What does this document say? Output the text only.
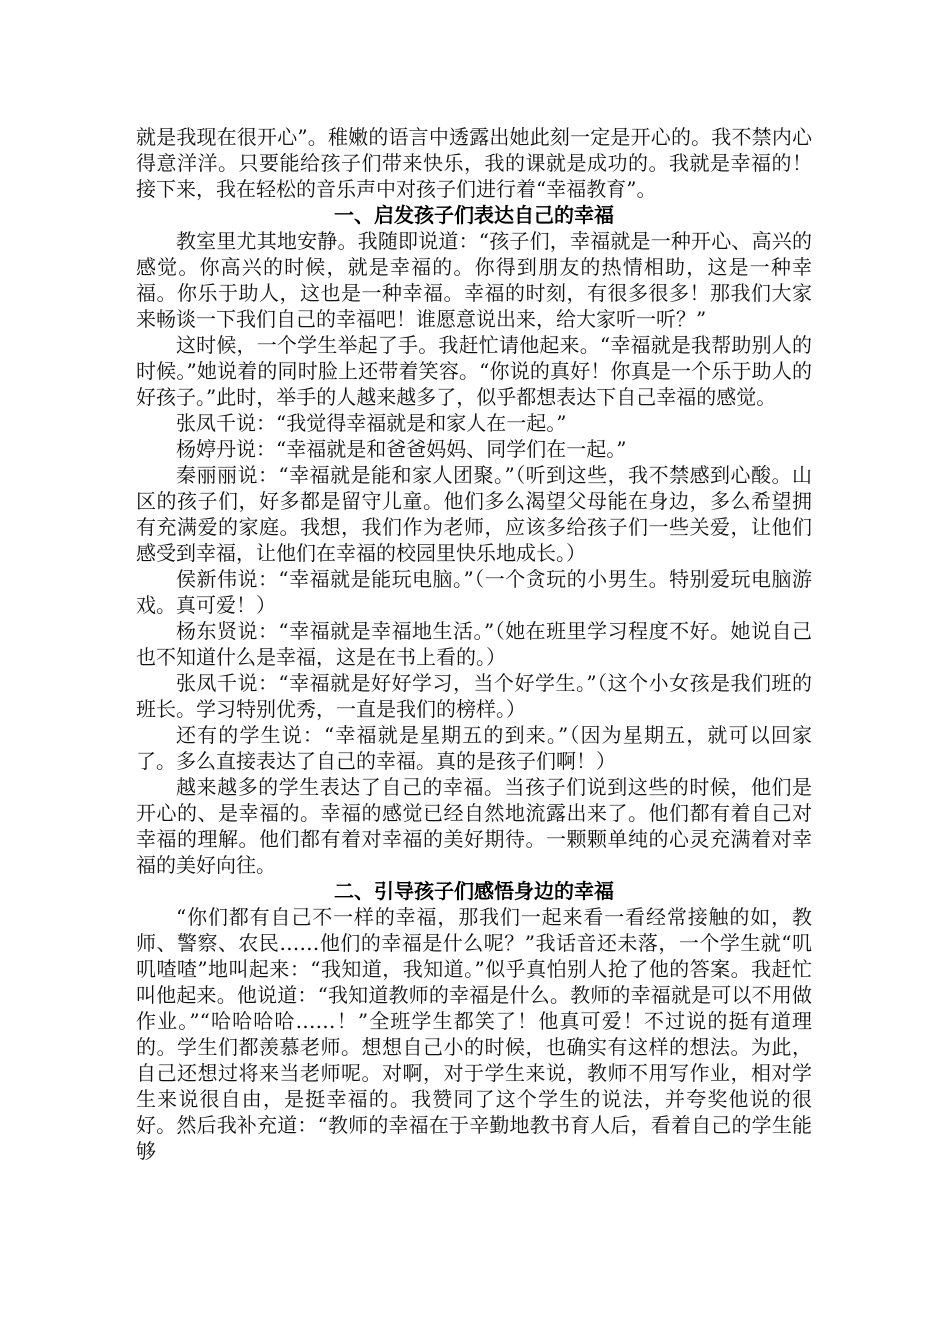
就是我现在很开心”。稚嫩的语言中透露出她此刻一定是开心的。我不禁内心得意洋洋。只要能给孩子们带来快乐，我的课就是成功的。我就是幸福的！接下来，我在轻松的音乐声中对孩子们进行着“幸福教育”。

一、启发孩子们表达自己的幸福

教室里尤其地安静。我随即说道：“孩子们，幸福就是一种开心、高兴的感觉。你高兴的时候，就是幸福的。你得到朋友的热情相助，这是一种幸福。你乐于助人，这也是一种幸福。幸福的时刻，有很多很多！那我们大家来畅谈一下我们自己的幸福吧！谁愿意说出来，给大家听一听？”

这时候，一个学生举起了手。我赶忙请他起来。“幸福就是我帮助别人的时候。”她说着的同时脸上还带着笑容。“你说的真好！你真是一个乐于助人的好孩子。”此时，举手的人越来越多了，似乎都想表达下自己幸福的感觉。

张凤千说：“我觉得幸福就是和家人在一起。”

杨婷丹说：“幸福就是和爸爸妈妈、同学们在一起。”

秦丽丽说：“幸福就是能和家人团聚。”（听到这些，我不禁感到心酸。山区的孩子们，好多都是留守儿童。他们多么渴望父母能在身边，多么希望拥有充满爱的家庭。我想，我们作为老师，应该多给孩子们一些关爱，让他们感受到幸福，让他们在幸福的校园里快乐地成长。）

侯新伟说：“幸福就是能玩电脑。”（一个贪玩的小男生。特别爱玩电脑游戏。真可爱！）

杨东贤说：“幸福就是幸福地生活。”（她在班里学习程度不好。她说自己也不知道什么是幸福，这是在书上看的。）

张凤千说：“幸福就是好好学习，当个好学生。”（这个小女孩是我们班的班长。学习特别优秀，一直是我们的榜样。）

还有的学生说：“幸福就是星期五的到来。”（因为星期五，就可以回家了。多么直接表达了自己的幸福。真的是孩子们啊！）

越来越多的学生表达了自己的幸福。当孩子们说到这些的时候，他们是开心的、是幸福的。幸福的感觉已经自然地流露出来了。他们都有着自己对幸福的理解。他们都有着对幸福的美好期待。一颗颗单纯的心灵充满着对幸福的美好向往。

二、引导孩子们感悟身边的幸福

“你们都有自己不一样的幸福，那我们一起来看一看经常接触的如，教师、警察、农民……他们的幸福是什么呢？”我话音还未落，一个学生就“叽叽喳喳”地叫起来：“我知道，我知道。”似乎真怕别人抢了他的答案。我赶忙叫他起来。他说道：“我知道教师的幸福是什么。教师的幸福就是可以不用做作业。”“哈哈哈哈……！”全班学生都笑了！他真可爱！不过说的挺有道理的。学生们都羡慕老师。想想自己小的时候，也确实有这样的想法。为此，自己还想过将来当老师呢。对啊，对于学生来说，教师不用写作业，相对学生来说很自由，是挺幸福的。我赞同了这个学生的说法，并夸奖他说的很好。然后我补充道：“教师的幸福在于辛勤地教书育人后，看着自己的学生能够
